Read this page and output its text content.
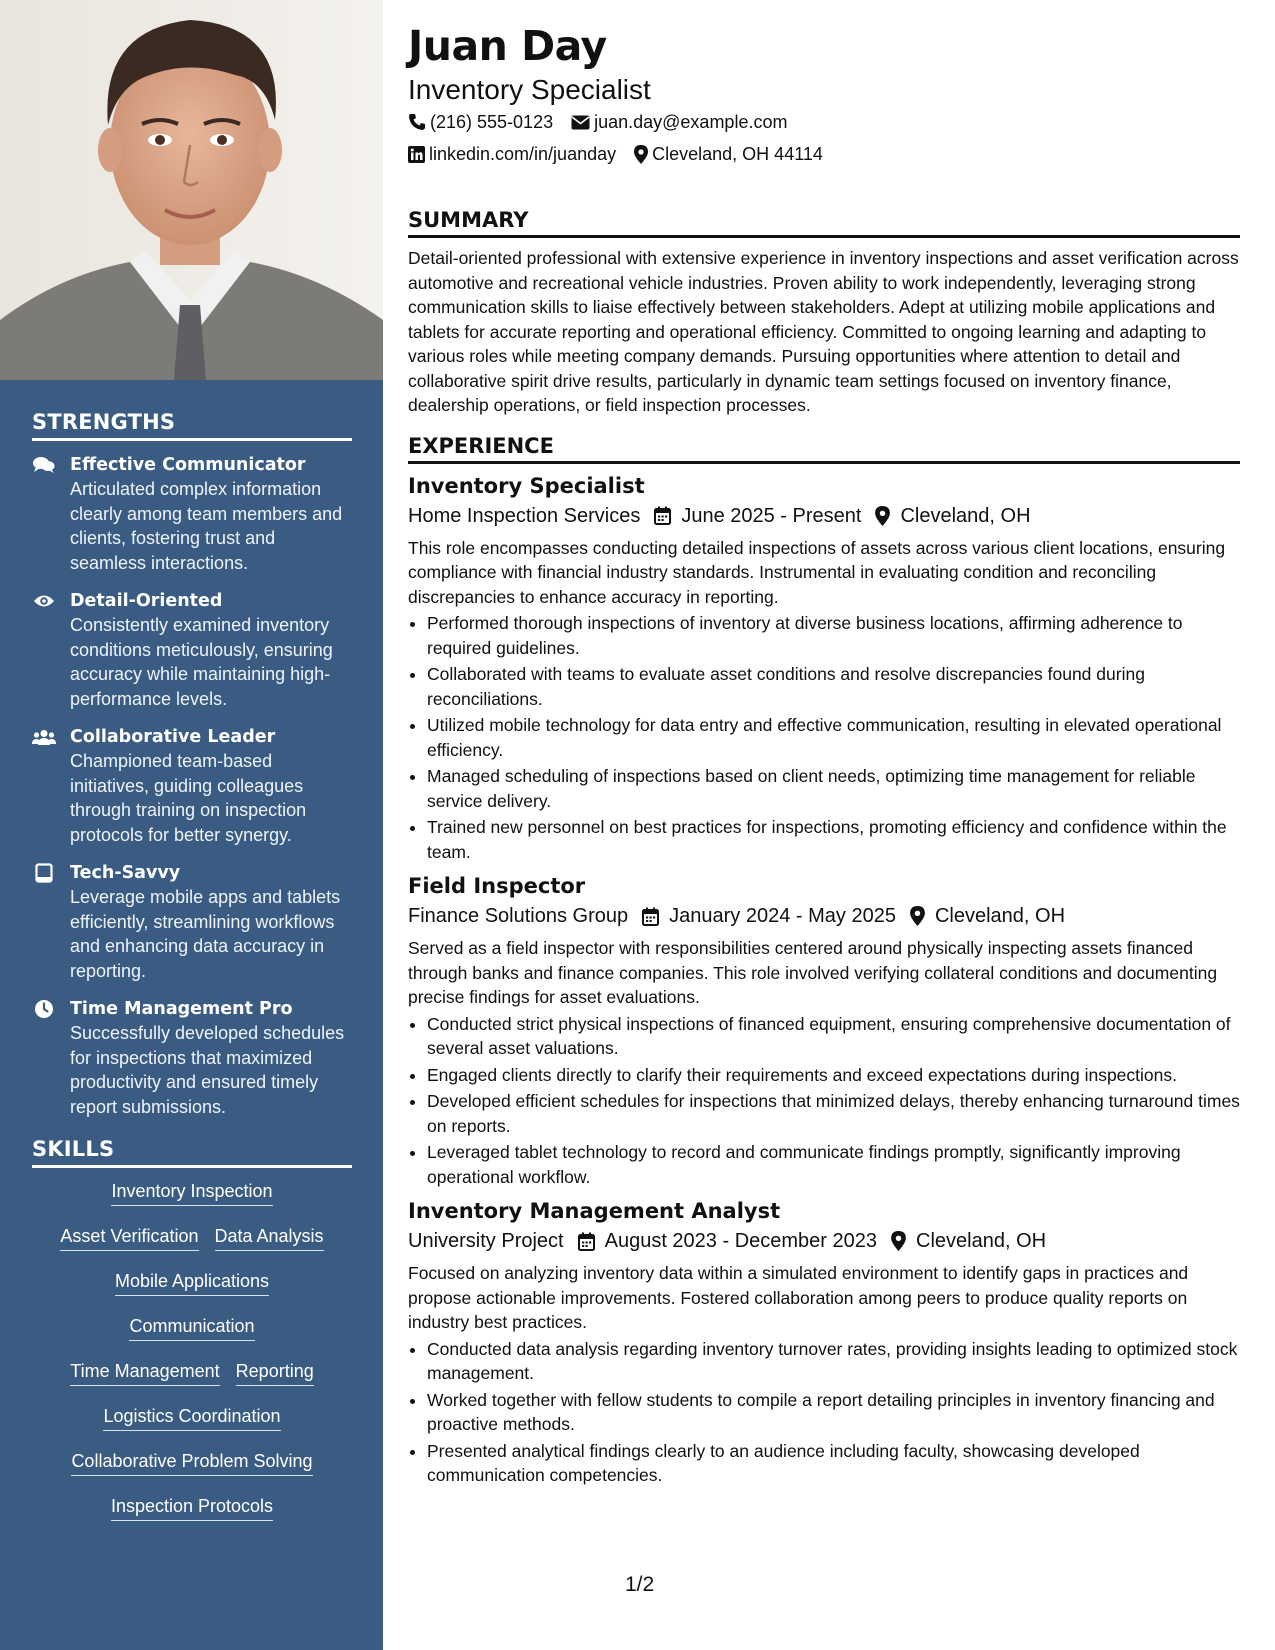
STRENGTHS
Effective Communicator
Articulated complex information clearly among team members and clients, fostering trust and seamless interactions.
Detail-Oriented
Consistently examined inventory conditions meticulously, ensuring accuracy while maintaining high-performance levels.
Collaborative Leader
Championed team-based initiatives, guiding colleagues through training on inspection protocols for better synergy.
Tech-Savvy
Leverage mobile apps and tablets efficiently, streamlining workflows and enhancing data accuracy in reporting.
Time Management Pro
Successfully developed schedules for inspections that maximized productivity and ensured timely report submissions.
SKILLS
Inventory Inspection
Asset Verification Data Analysis
Mobile Applications
Communication
Time Management Reporting
Logistics Coordination
Collaborative Problem Solving
Inspection Protocols
Juan Day
Inventory Specialist
(216) 555-0123 juan.day@example.com
linkedin.com/in/juanday Cleveland, OH 44114
SUMMARY

Detail-oriented professional with extensive experience in inventory inspections and asset verification across automotive and recreational vehicle industries. Proven ability to work independently, leveraging strong communication skills to liaise effectively between stakeholders. Adept at utilizing mobile applications and tablets for accurate reporting and operational efficiency. Committed to ongoing learning and adapting to various roles while meeting company demands. Pursuing opportunities where attention to detail and collaborative spirit drive results, particularly in dynamic team settings focused on inventory finance, dealership operations, or field inspection processes.

EXPERIENCE
Inventory Specialist
Home Inspection Services June 2025 - Present Cleveland, OH

This role encompasses conducting detailed inspections of assets across various client locations, ensuring compliance with financial industry standards. Instrumental in evaluating condition and reconciling discrepancies to enhance accuracy in reporting.

• Performed thorough inspections of inventory at diverse business locations, affirming adherence to required guidelines.
• Collaborated with teams to evaluate asset conditions and resolve discrepancies found during reconciliations.
• Utilized mobile technology for data entry and effective communication, resulting in elevated operational efficiency.
• Managed scheduling of inspections based on client needs, optimizing time management for reliable service delivery.
• Trained new personnel on best practices for inspections, promoting efficiency and confidence within the team.
Field Inspector
Finance Solutions Group January 2024 - May 2025 Cleveland, OH

Served as a field inspector with responsibilities centered around physically inspecting assets financed through banks and finance companies. This role involved verifying collateral conditions and documenting precise findings for asset evaluations.

• Conducted strict physical inspections of financed equipment, ensuring comprehensive documentation of several asset valuations.
• Engaged clients directly to clarify their requirements and exceed expectations during inspections.
• Developed efficient schedules for inspections that minimized delays, thereby enhancing turnaround times on reports.
• Leveraged tablet technology to record and communicate findings promptly, significantly improving operational workflow.
Inventory Management Analyst
University Project August 2023 - December 2023 Cleveland, OH

Focused on analyzing inventory data within a simulated environment to identify gaps in practices and propose actionable improvements. Fostered collaboration among peers to produce quality reports on industry best practices.

• Conducted data analysis regarding inventory turnover rates, providing insights leading to optimized stock management.
• Worked together with fellow students to compile a report detailing principles in inventory financing and proactive methods.
• Presented analytical findings clearly to an audience including faculty, showcasing developed communication competencies.
1/2
